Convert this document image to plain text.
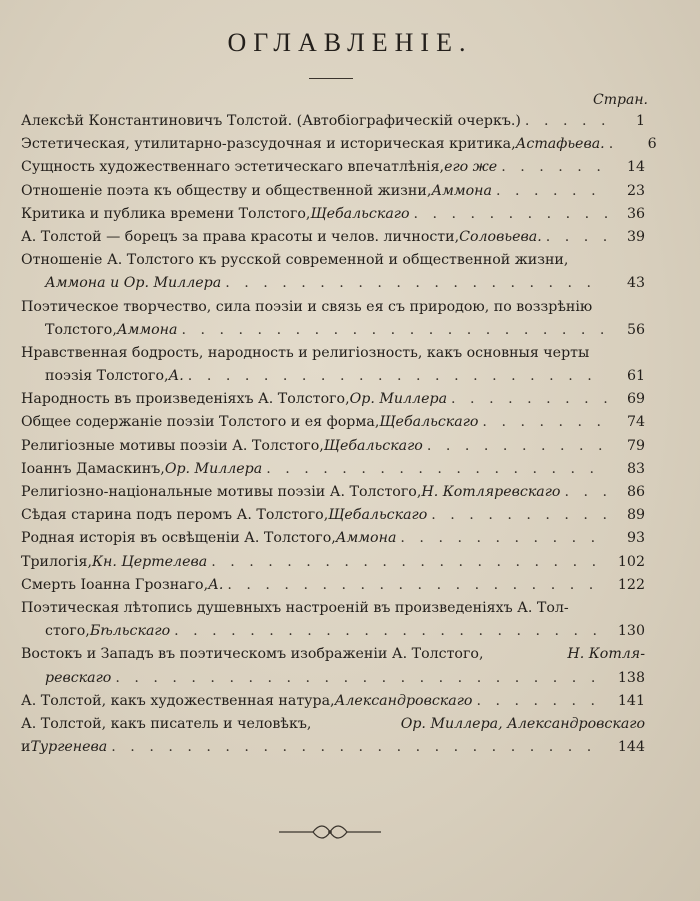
ОГЛАВЛЕНІЕ.
Стран.
Алексѣй Константиновичъ Толстой. (Автобіографическій очеркъ.) . . .	1
Эстетическая, утилитарно-разсудочная и историческая критика, Астафьева. . . .	6
Сущность художественнаго эстетическаго впечатлѣнія, его же . . .	14
Отношеніе поэта къ обществу и общественной жизни, Аммона . . .	23
Критика и публика времени Толстого, Щебальскаго . . .	36
А. Толстой — борецъ за права красоты и челов. личности, Соловьева. . . .	39
Отношеніе А. Толстого къ русской современной и общественной жизни,
Аммона и Ор. Миллера . . .	43
Поэтическое творчество, сила поэзіи и связь ея съ природою, по воззрѣнію
Толстого, Аммона . . .	56
Нравственная бодрость, народность и религіозность, какъ основныя черты
поэзія Толстого, А. . . .	61
Народность въ произведеніяхъ А. Толстого, Ор. Миллера . . .	69
Общее содержаніе поэзіи Толстого и ея форма, Щебальскаго . . .	74
Религіозные мотивы поэзіи А. Толстого, Щебальскаго . . .	79
Іоаннъ Дамаскинъ, Ор. Миллера . . .	83
Религіозно-національные мотивы поэзіи А. Толстого, Н. Котляревскаго . . .	86
Сѣдая старина подъ перомъ А. Толстого, Щебальскаго . . .	89
Родная исторія въ освѣщеніи А. Толстого, Аммона . . .	93
Трилогія, Кн. Цертелева . . .	102
Смерть Іоанна Грознаго, А. . . .	122
Поэтическая лѣтопись душевныхъ настроеній въ произведеніяхъ А. Тол-
стого, Бѣльскаго . . .	130
Востокъ и Западъ въ поэтическомъ изображеніи А. Толстого,	Н. Котля-
ревскаго . . .	138
А. Толстой, какъ художественная натура, Александровскаго . . .	141
А. Толстой, какъ писатель и человѣкъ,	Ор. Миллера, Александровскаго
и Тургенева . . .	144
